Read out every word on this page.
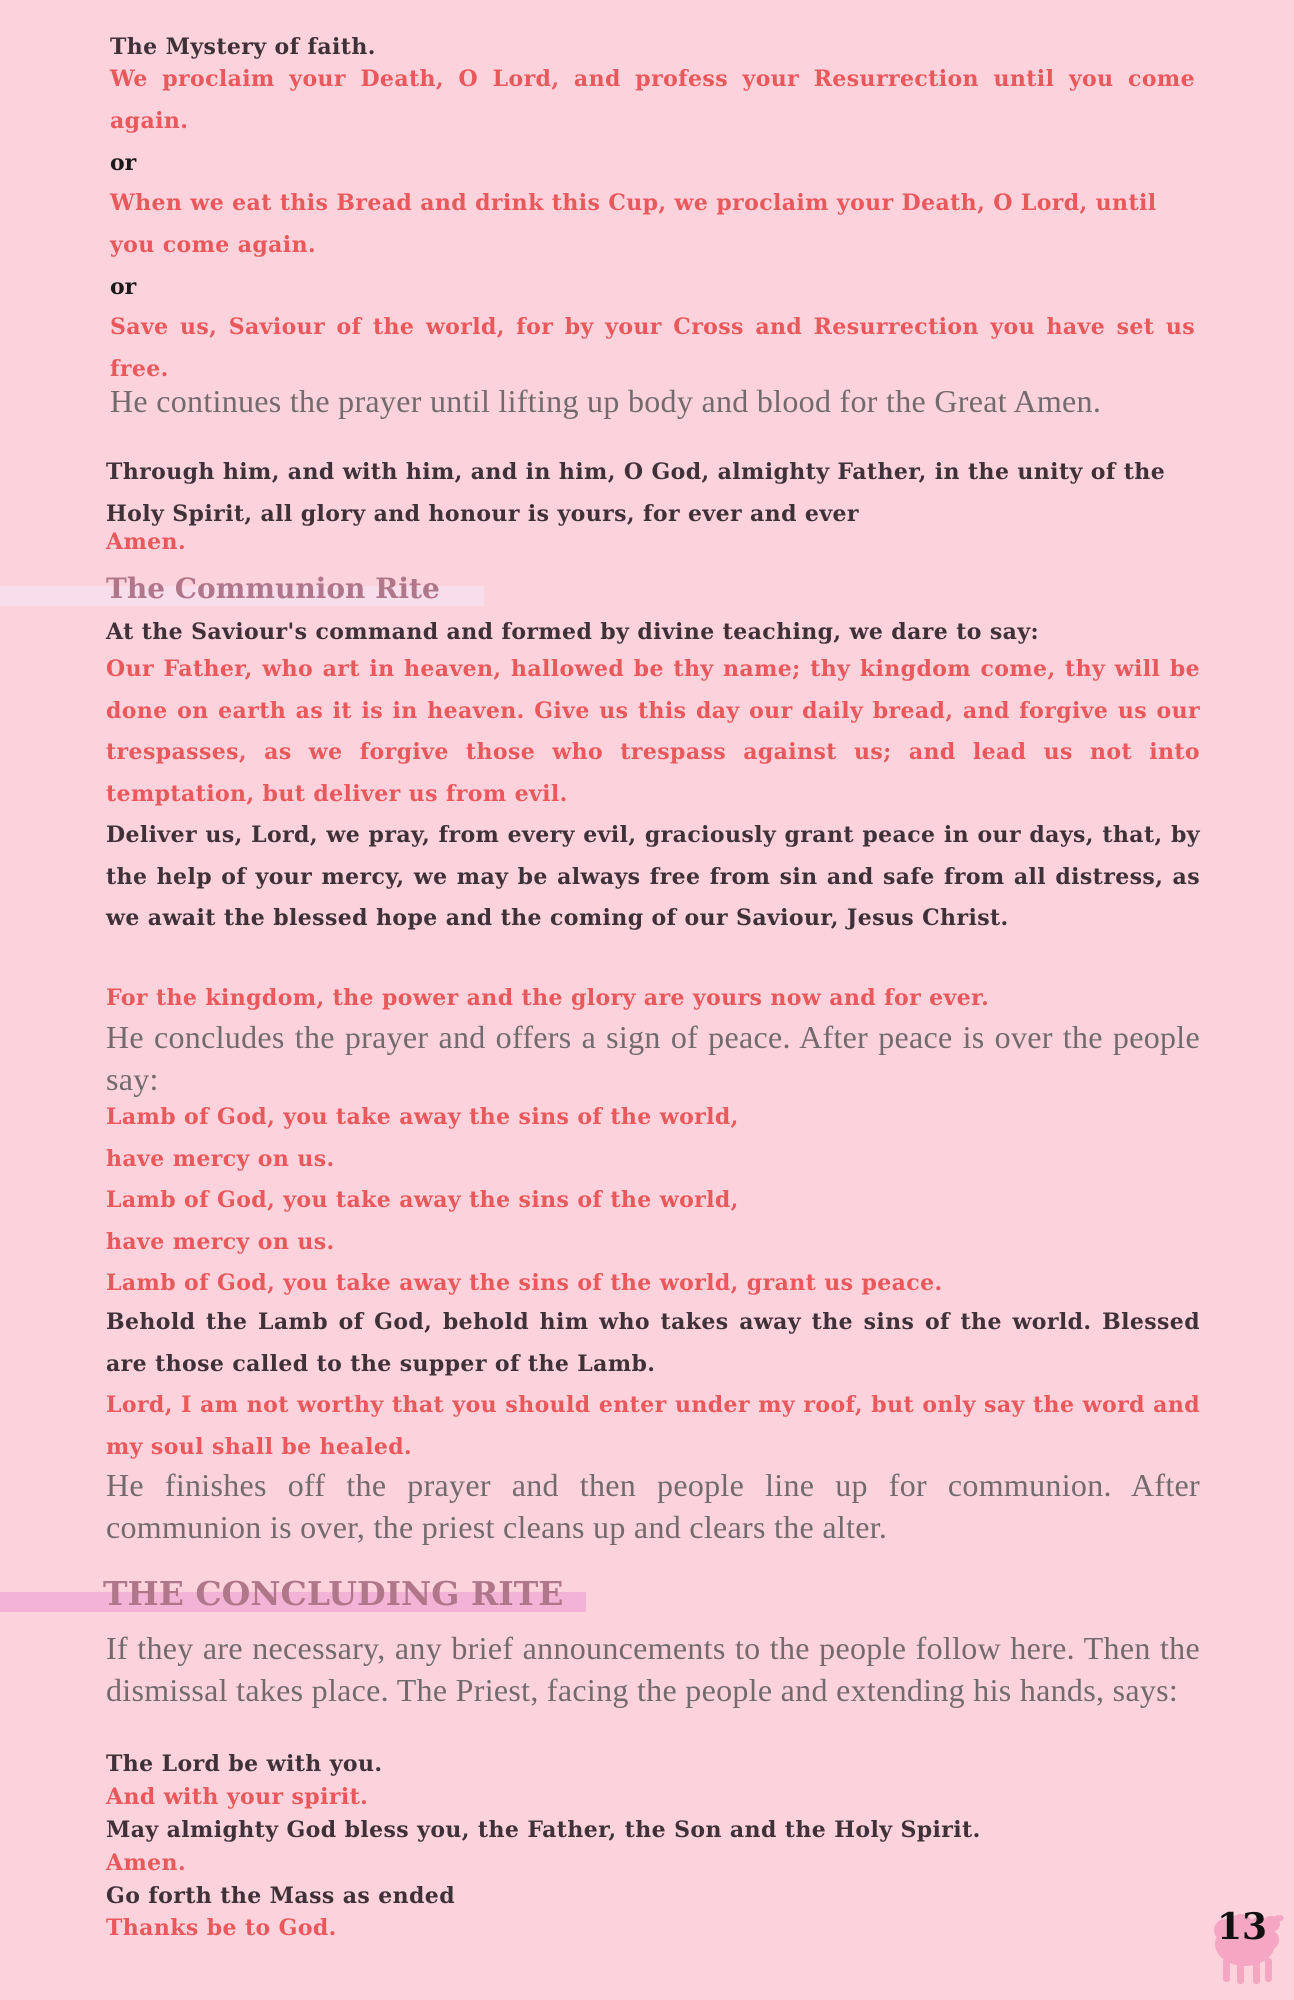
The Mystery of faith.

We proclaim your Death, O Lord, and profess your Resurrection until you come again.

or

When we eat this Bread and drink this Cup, we proclaim your Death, O Lord, until you come again.

or

Save us, Saviour of the world, for by your Cross and Resurrection you have set us free.

He continues the prayer until lifting up body and blood for the Great Amen.

Through him, and with him, and in him, O God, almighty Father, in the unity of the Holy Spirit, all glory and honour is yours, for ever and ever

Amen.

The Communion Rite

At the Saviour's command and formed by divine teaching, we dare to say:

Our Father, who art in heaven, hallowed be thy name; thy kingdom come, thy will be done on earth as it is in heaven. Give us this day our daily bread, and forgive us our trespasses, as we forgive those who trespass against us; and lead us not into temptation, but deliver us from evil.

Deliver us, Lord, we pray, from every evil, graciously grant peace in our days, that, by the help of your mercy, we may be always free from sin and safe from all distress, as we await the blessed hope and the coming of our Saviour, Jesus Christ.

For the kingdom, the power and the glory are yours now and for ever.

He concludes the prayer and offers a sign of peace. After peace is over the people say:

Lamb of God, you take away the sins of the world,

have mercy on us.

Lamb of God, you take away the sins of the world,

have mercy on us.

Lamb of God, you take away the sins of the world, grant us peace.

Behold the Lamb of God, behold him who takes away the sins of the world. Blessed are those called to the supper of the Lamb.

Lord, I am not worthy that you should enter under my roof, but only say the word and my soul shall be healed.

He finishes off the prayer and then people line up for communion. After communion is over, the priest cleans up and clears the alter.

THE CONCLUDING RITE

If they are necessary, any brief announcements to the people follow here. Then the dismissal takes place. The Priest, facing the people and extending his hands, says:

The Lord be with you.

And with your spirit.

May almighty God bless you, the Father, the Son and the Holy Spirit.

Amen.

Go forth the Mass as ended

Thanks be to God.	13
